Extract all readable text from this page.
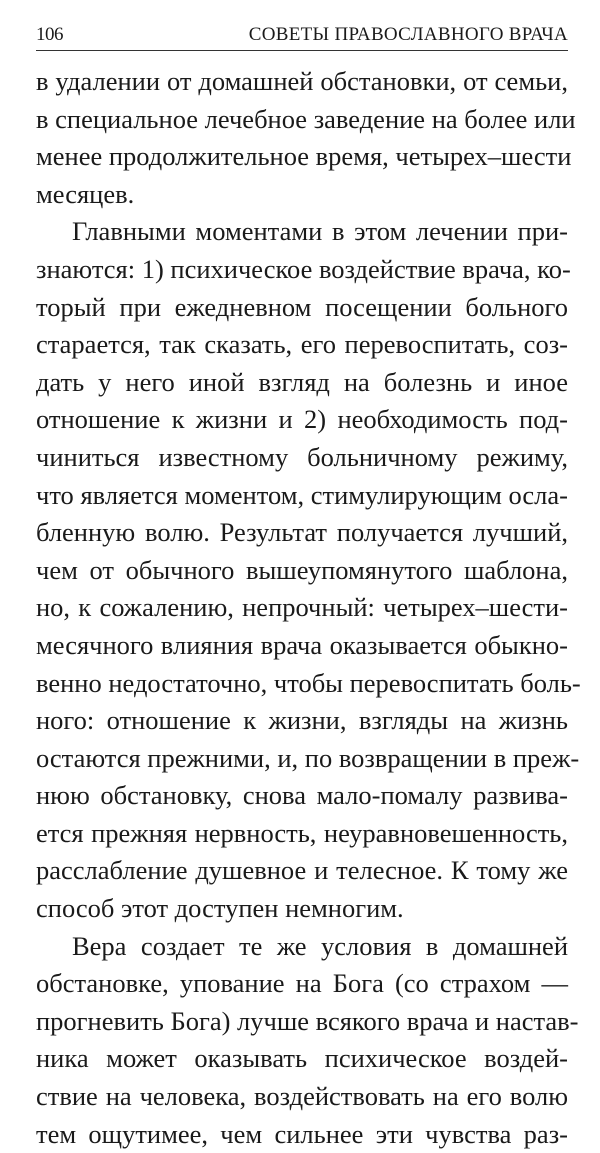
106	СОВЕТЫ ПРАВОСЛАВНОГО ВРАЧА
в удалении от домашней обстановки, от семьи,
в специальное лечебное заведение на более или
менее продолжительное время, четырех–шести
месяцев.
Главными моментами в этом лечении при-
знаются: 1) психическое воздействие врача, ко-
торый при ежедневном посещении больного
старается, так сказать, его перевоспитать, соз-
дать у него иной взгляд на болезнь и иное
отношение к жизни и 2) необходимость под-
чиниться известному больничному режиму,
что является моментом, стимулирующим осла-
бленную волю. Результат получается лучший,
чем от обычного вышеупомянутого шаблона,
но, к сожалению, непрочный: четырех–шести-
месячного влияния врача оказывается обыкно-
венно недостаточно, чтобы перевоспитать боль-
ного: отношение к жизни, взгляды на жизнь
остаются прежними, и, по возвращении в преж-
нюю обстановку, снова мало-помалу развива-
ется прежняя нервность, неуравновешенность,
расслабление душевное и телесное. К тому же
способ этот доступен немногим.
Вера создает те же условия в домашней
обстановке, упование на Бога (со страхом —
прогневить Бога) лучше всякого врача и настав-
ника может оказывать психическое воздей-
ствие на человека, воздействовать на его волю
тем ощутимее, чем сильнее эти чувства раз-
